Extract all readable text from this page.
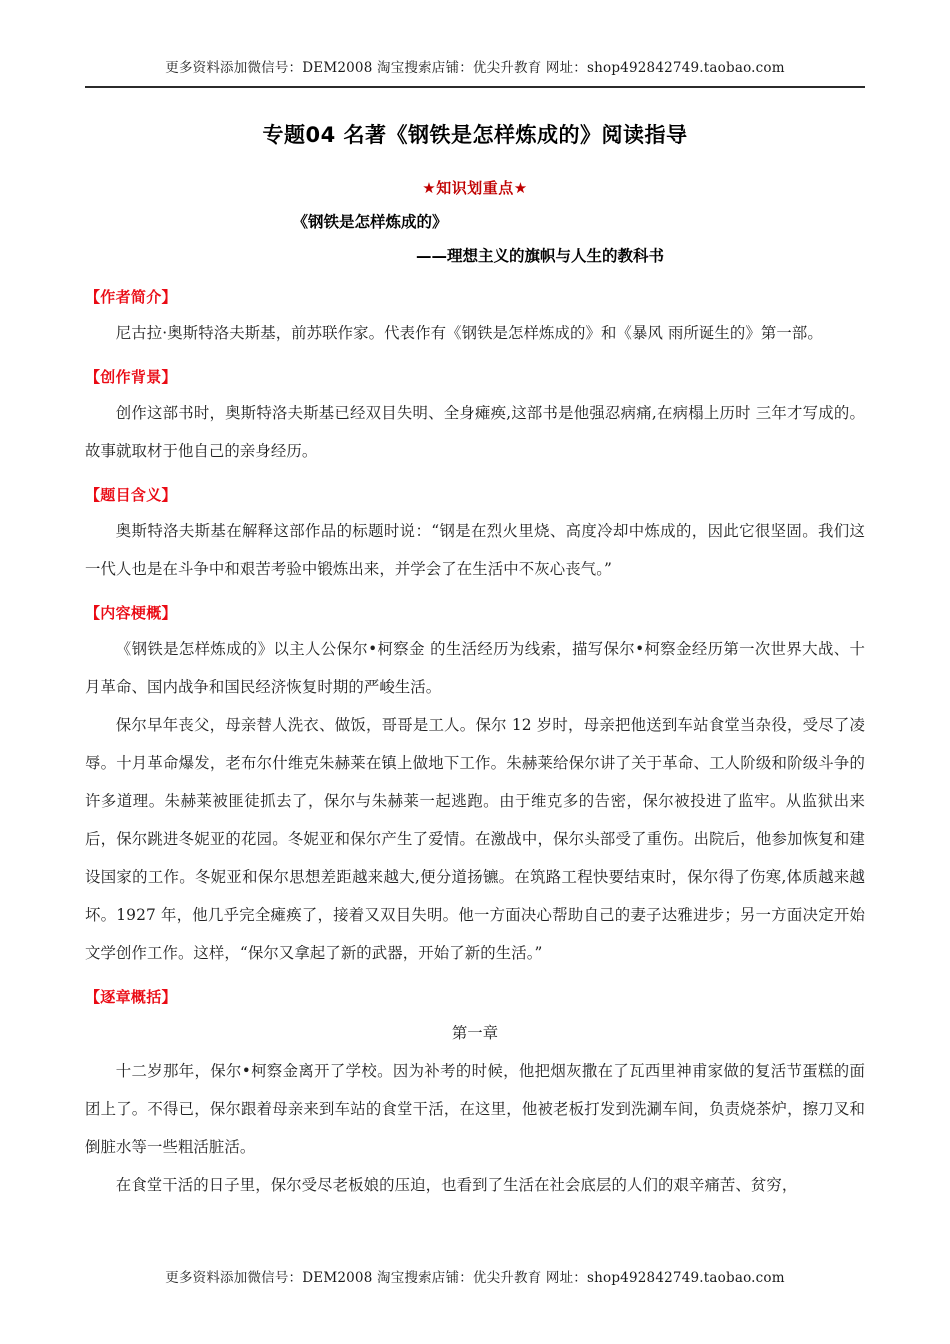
更多资料添加微信号：DEM2008 淘宝搜索店铺：优尖升教育 网址：shop492842749.taobao.com
专题04 名著《钢铁是怎样炼成的》阅读指导

★知识划重点★

《钢铁是怎样炼成的》
——理想主义的旗帜与人生的教科书
【作者简介】

尼古拉·奥斯特洛夫斯基，前苏联作家。代表作有《钢铁是怎样炼成的》和《暴风 雨所诞生的》第一部。

【创作背景】

创作这部书时，奥斯特洛夫斯基已经双目失明、全身瘫痪,这部书是他强忍病痛,在病榻上历时 三年才写成的。故事就取材于他自己的亲身经历。

【题目含义】

奥斯特洛夫斯基在解释这部作品的标题时说：“钢是在烈火里烧、高度冷却中炼成的，因此它很坚固。我们这一代人也是在斗争中和艰苦考验中锻炼出来，并学会了在生活中不灰心丧气。”

【内容梗概】

《钢铁是怎样炼成的》以主人公保尔•柯察金 的生活经历为线索，描写保尔•柯察金经历第一次世界大战、十月革命、国内战争和国民经济恢复时期的严峻生活。

保尔早年丧父，母亲替人洗衣、做饭，哥哥是工人。保尔 12 岁时，母亲把他送到车站食堂当杂役，受尽了凌辱。十月革命爆发，老布尔什维克朱赫莱在镇上做地下工作。朱赫莱给保尔讲了关于革命、工人阶级和阶级斗争的许多道理。朱赫莱被匪徒抓去了，保尔与朱赫莱一起逃跑。由于维克多的告密，保尔被投进了监牢。从监狱出来后，保尔跳进冬妮亚的花园。冬妮亚和保尔产生了爱情。在激战中，保尔头部受了重伤。出院后，他参加恢复和建设国家的工作。冬妮亚和保尔思想差距越来越大,便分道扬镳。在筑路工程快要结束时，保尔得了伤寒,体质越来越坏。1927 年，他几乎完全瘫痪了，接着又双目失明。他一方面决心帮助自己的妻子达雅进步；另一方面决定开始文学创作工作。这样，“保尔又拿起了新的武器，开始了新的生活。”

【逐章概括】

第一章

十二岁那年，保尔•柯察金离开了学校。因为补考的时候，他把烟灰撒在了瓦西里神甫家做的复活节蛋糕的面团上了。不得已，保尔跟着母亲来到车站的食堂干活，在这里，他被老板打发到洗涮车间，负责烧茶炉，擦刀叉和倒脏水等一些粗活脏活。

在食堂干活的日子里，保尔受尽老板娘的压迫，也看到了生活在社会底层的人们的艰辛痛苦、贫穷，

更多资料添加微信号：DEM2008 淘宝搜索店铺：优尖升教育 网址：shop492842749.taobao.com
